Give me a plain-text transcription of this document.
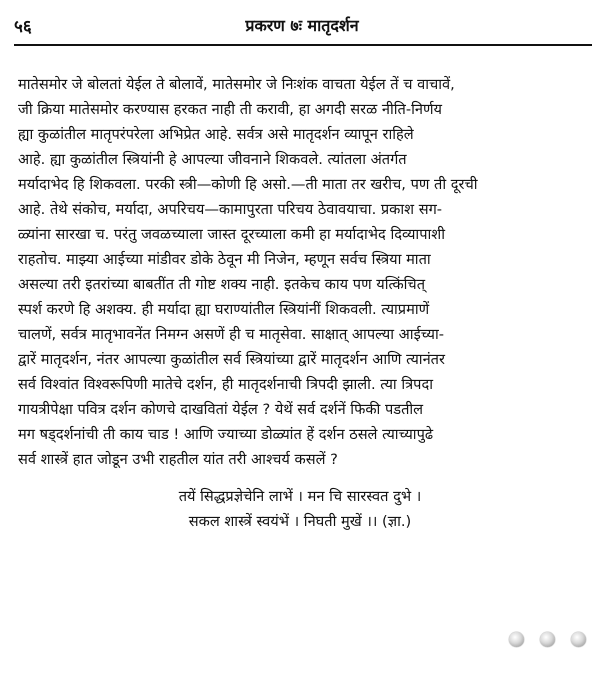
५६	प्रकरण ७ः मातृदर्शन
मातेसमोर जे बोलतां येईल ते बोलावें, मातेसमोर जे निःशंक वाचता येईल तें च वाचावें,
जी क्रिया मातेसमोर करण्यास हरकत नाही ती करावी, हा अगदी सरळ नीति-निर्णय
ह्या कुळांतील मातृपरंपरेला अभिप्रेत आहे. सर्वत्र असे मातृदर्शन व्यापून राहिले
आहे. ह्या कुळांतील स्त्रियांनी हे आपल्या जीवनाने शिकवले. त्यांतला अंतर्गत
मर्यादाभेद हि शिकवला. परकी स्त्री—कोणी हि असो.—ती माता तर खरीच, पण ती दूरची
आहे. तेथे संकोच, मर्यादा, अपरिचय—कामापुरता परिचय ठेवावयाचा. प्रकाश सग-
ळ्यांना सारखा च. परंतु जवळच्याला जास्त दूरच्याला कमी हा मर्यादाभेद दिव्यापाशी
राहतोच. माझ्या आईच्या मांडीवर डोके ठेवून मी निजेन, म्हणून सर्वच स्त्रिया माता
असल्या तरी इतरांच्या बाबतींत ती गोष्ट शक्य नाही. इतकेच काय पण यत्किंचित्
स्पर्श करणे हि अशक्य. ही मर्यादा ह्या घराण्यांतील स्त्रियांनीं शिकवली. त्याप्रमाणें
चालणें, सर्वत्र मातृभावनेंत निमग्न असणें ही च मातृसेवा. साक्षात् आपल्या आईच्या-
द्वारें मातृदर्शन, नंतर आपल्या कुळांतील सर्व स्त्रियांच्या द्वारें मातृदर्शन आणि त्यानंतर
सर्व विश्वांत विश्वरूपिणी मातेचे दर्शन, ही मातृदर्शनाची त्रिपदी झाली. त्या त्रिपदा
गायत्रीपेक्षा पवित्र दर्शन कोणचे दाखवितां येईल ? येथें सर्व दर्शनें फिकी पडतील
मग षड्दर्शनांची ती काय चाड ! आणि ज्याच्या डोळ्यांत हें दर्शन ठसले त्याच्यापुढे
सर्व शास्त्रें हात जोडून उभी राहतील यांत तरी आश्चर्य कसलें ?
तयें सिद्धप्रज्ञेचेनि लाभें । मन चि सारस्वत दुभे ।
सकल शास्त्रें स्वयंभें । निघती मुखें ।। (ज्ञा.)
